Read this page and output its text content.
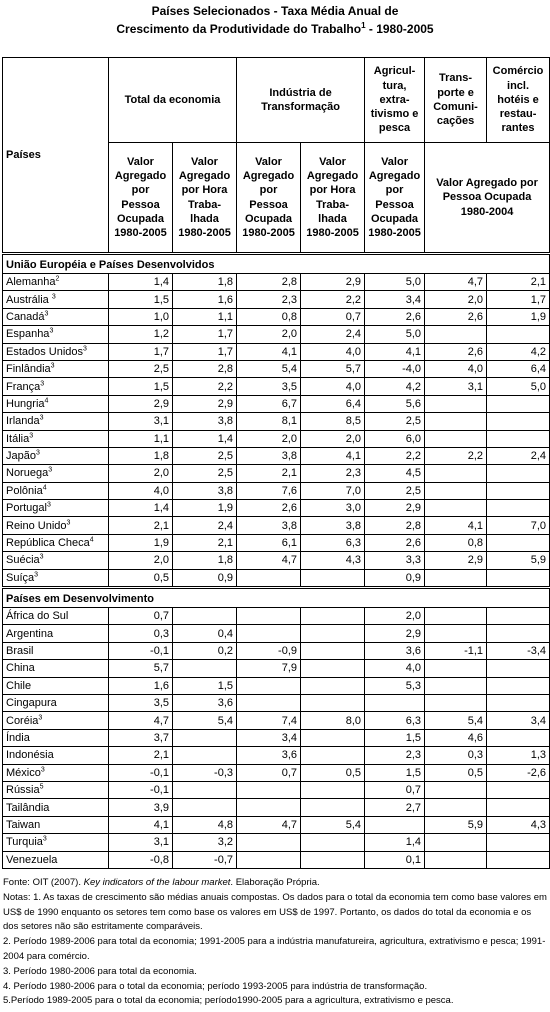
Países Selecionados - Taxa Média Anual de
Crescimento da Produtividade do Trabalho$^1$ - 1980-2005
Países	Total da economia		Indústria de Transformação		Agricul-tura, extra-tivismo e pesca	Trans-porte e Comuni-cações	Comércio incl. hotéis e restau-rantes
	Valor Agregado por Pessoa Ocupada 1980-2005	Valor Agregado por Hora Traba-lhada 1980-2005	Valor Agregado por Pessoa Ocupada 1980-2005	Valor Agregado por Hora Traba-lhada 1980-2005	Valor Agregado por Pessoa Ocupada 1980-2005	Valor Agregado por Pessoa Ocupada 1980-2004	
União Européia e Países Desenvolvidos							
Alemanha$^2$	1,4	1,8	2,8	2,9	5,0	4,7	2,1
Austrália $^3$	1,5	1,6	2,3	2,2	3,4	2,0	1,7
Canadá$^3$	1,0	1,1	0,8	0,7	2,6	2,6	1,9
Espanha$^3$	1,2	1,7	2,0	2,4	5,0		
Estados Unidos$^3$	1,7	1,7	4,1	4,0	4,1	2,6	4,2
Finlândia$^3$	2,5	2,8	5,4	5,7	-4,0	4,0	6,4
França$^3$	1,5	2,2	3,5	4,0	4,2	3,1	5,0
Hungria$^4$	2,9	2,9	6,7	6,4	5,6		
Irlanda$^3$	3,1	3,8	8,1	8,5	2,5		
Itália$^3$	1,1	1,4	2,0	2,0	6,0		
Japão$^3$	1,8	2,5	3,8	4,1	2,2	2,2	2,4
Noruega$^3$	2,0	2,5	2,1	2,3	4,5		
Polônia$^4$	4,0	3,8	7,6	7,0	2,5		
Portugal$^3$	1,4	1,9	2,6	3,0	2,9		
Reino Unido$^3$	2,1	2,4	3,8	3,8	2,8	4,1	7,0
República Checa$^4$	1,9	2,1	6,1	6,3	2,6	0,8	
Suécia$^3$	2,0	1,8	4,7	4,3	3,3	2,9	5,9
Suíça$^3$	0,5	0,9			0,9		
Países em Desenvolvimento							
África do Sul	0,7				2,0		
Argentina	0,3	0,4			2,9		
Brasil	-0,1	0,2	-0,9		3,6	-1,1	-3,4
China	5,7		7,9		4,0		
Chile	1,6	1,5			5,3		
Cingapura	3,5	3,6					
Coréia$^3$	4,7	5,4	7,4	8,0	6,3	5,4	3,4
Índia	3,7		3,4		1,5	4,6	
Indonésia	2,1		3,6		2,3	0,3	1,3
México$^3$	-0,1	-0,3	0,7	0,5	1,5	0,5	-2,6
Rússia$^5$	-0,1				0,7		
Tailândia	3,9				2,7		
Taiwan	4,1	4,8	4,7	5,4		5,9	4,3
Turquia$^3$	3,1	3,2			1,4		
Venezuela	-0,8	-0,7			0,1		
Fonte: OIT (2007). Key indicators of the labour market. Elaboração Própria.
Notas: 1. As taxas de crescimento são médias anuais compostas. Os dados para o total da economia tem como base valores em US$ de 1990 enquanto os setores tem como base os valores em US$ de 1997. Portanto, os dados do total da economia e os dos setores não são estritamente comparáveis.
2. Período 1989-2006 para total da economia; 1991-2005 para a indústria manufatureira, agricultura, extrativismo e pesca; 1991-2004 para comércio.
3. Período 1980-2006 para total da economia.
4. Período 1980-2006 para o total da economia; período 1993-2005 para indústria de transformação.
5.Período 1989-2005 para o total da economia; período1990-2005 para a agricultura, extrativismo e pesca.
